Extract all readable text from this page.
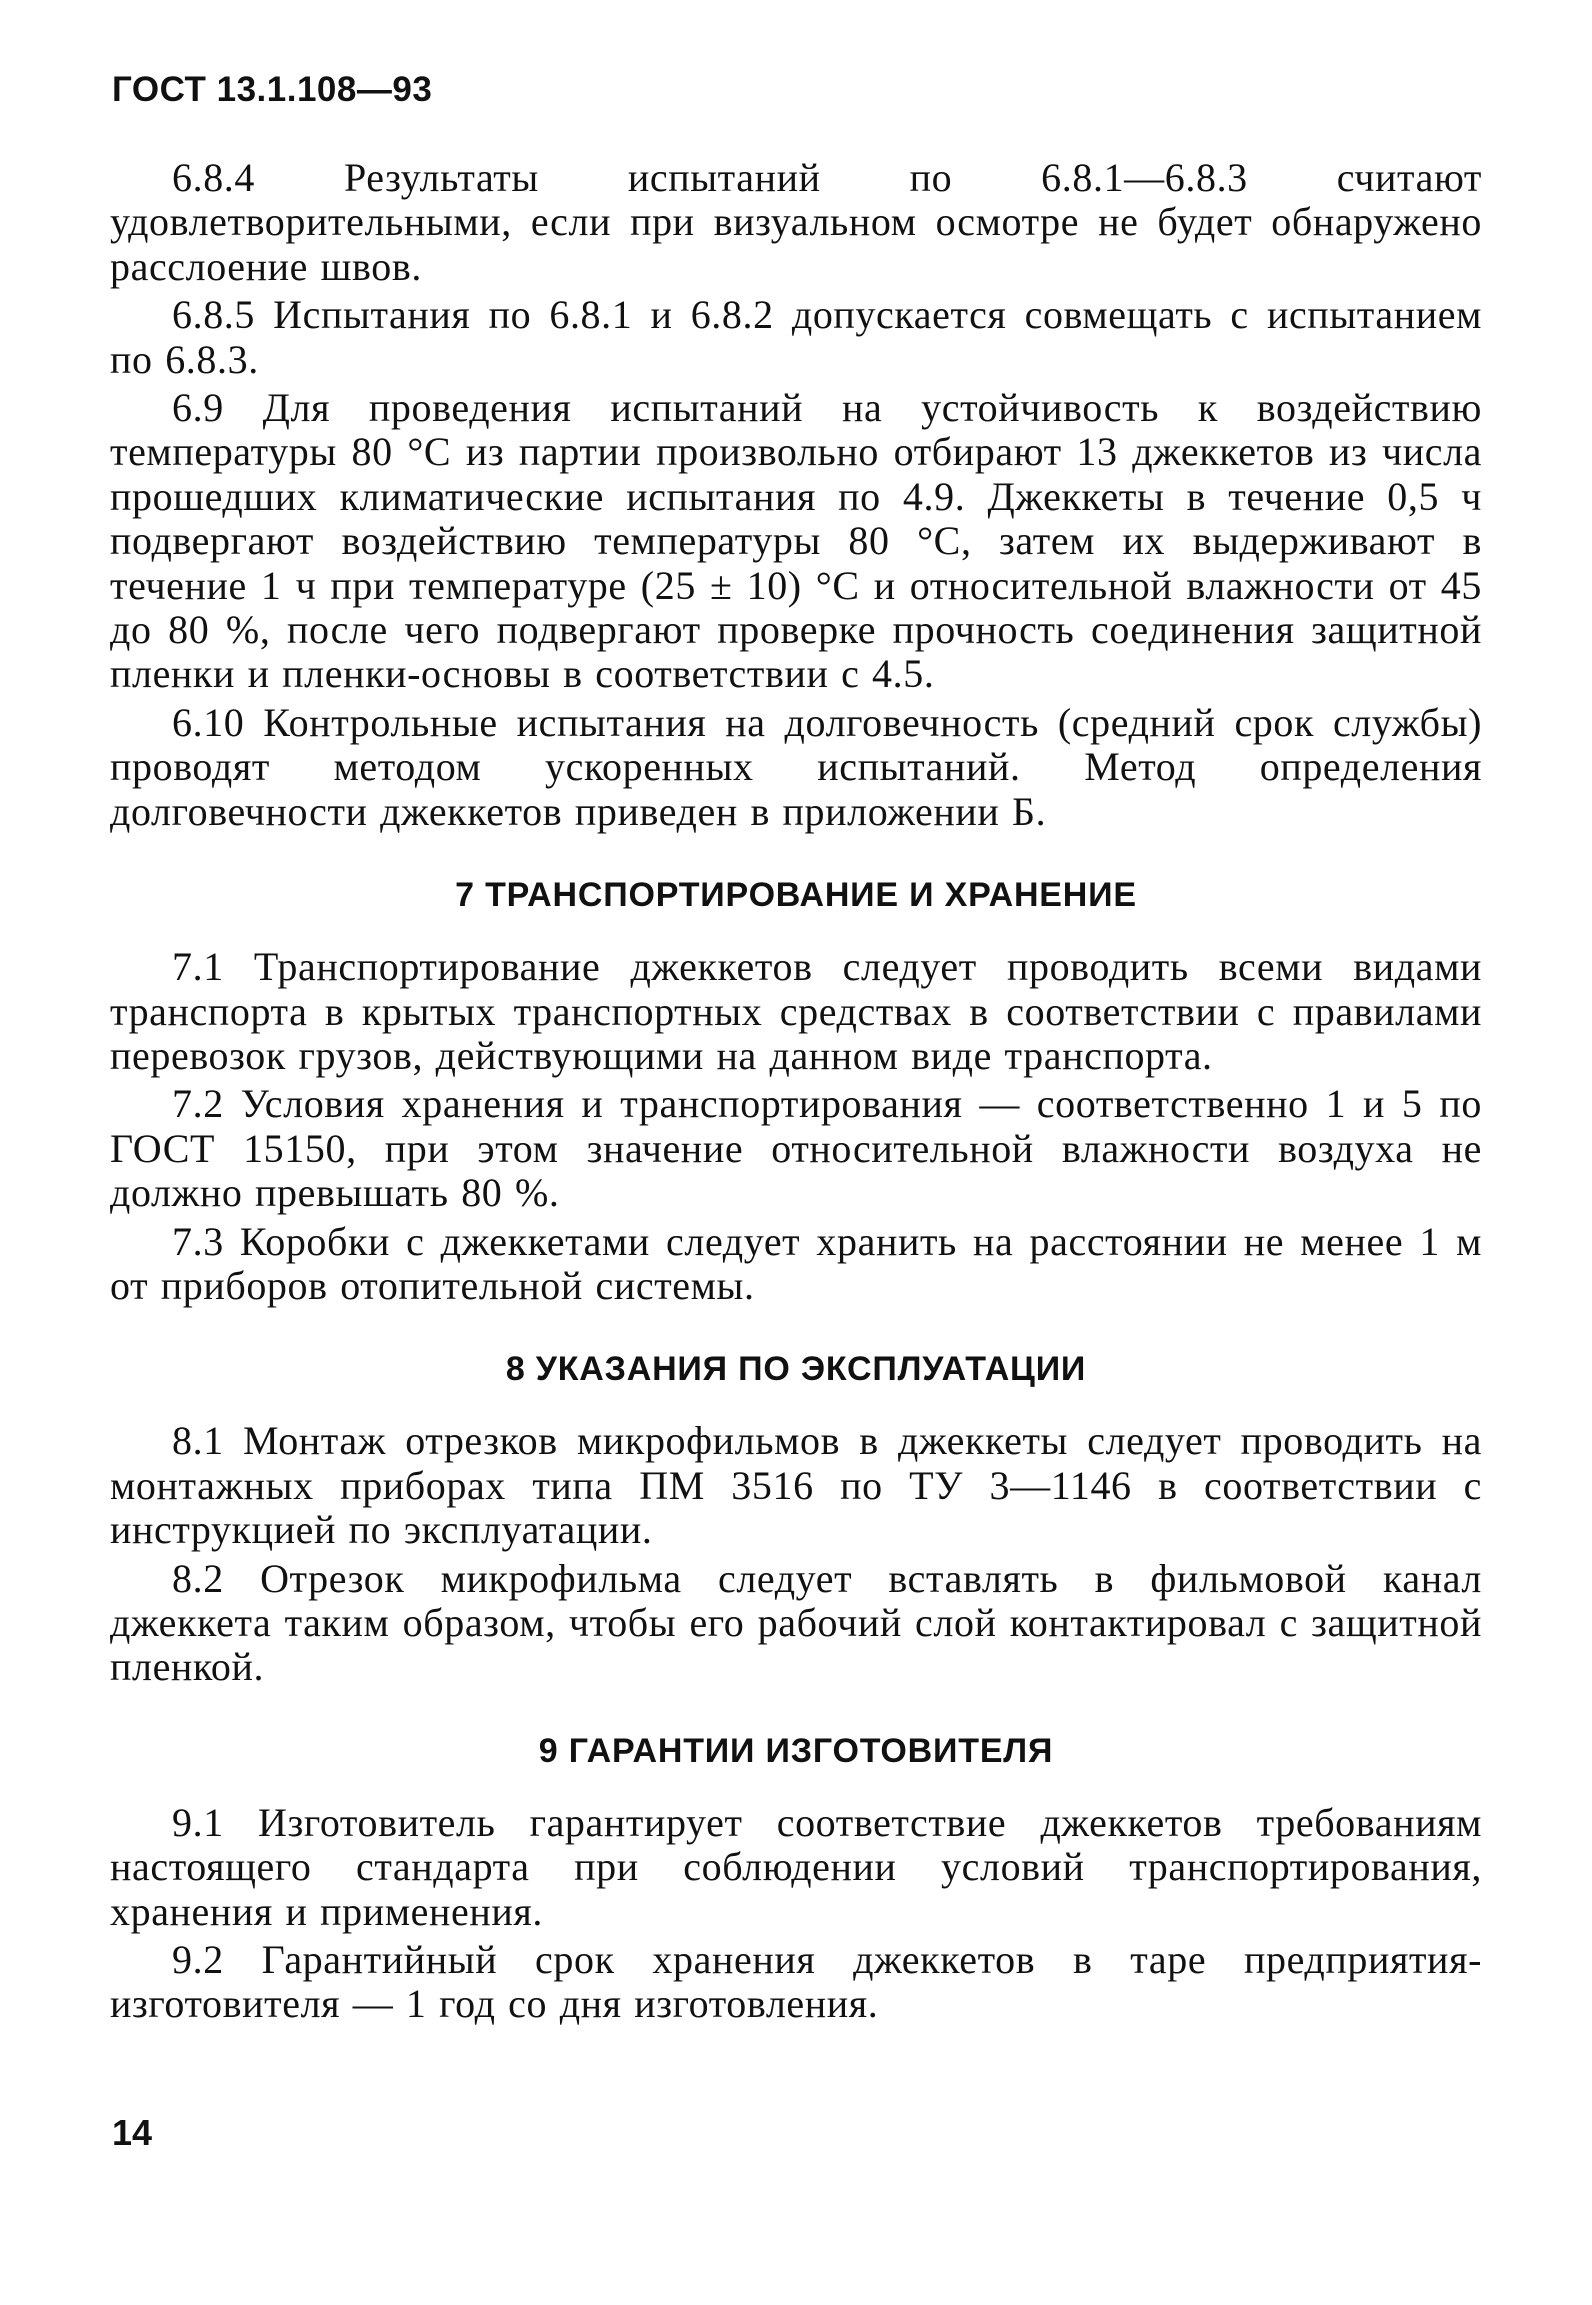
ГОСТ 13.1.108—93

6.8.4 Результаты испытаний по 6.8.1—6.8.3 считают удовлетворительными, если при визуальном осмотре не будет обнаружено расслоение швов.

6.8.5 Испытания по 6.8.1 и 6.8.2 допускается совмещать с испытанием по 6.8.3.

6.9 Для проведения испытаний на устойчивость к воздействию температуры 80 °С из партии произвольно отбирают 13 джеккетов из числа прошедших климатические испытания по 4.9. Джеккеты в течение 0,5 ч подвергают воздействию температуры 80 °С, затем их выдерживают в течение 1 ч при температуре (25 ± 10) °С и относительной влажности от 45 до 80 %, после чего подвергают проверке прочность соединения защитной пленки и пленки-основы в соответствии с 4.5.

6.10 Контрольные испытания на долговечность (средний срок службы) проводят методом ускоренных испытаний. Метод определения долговечности джеккетов приведен в приложении Б.

7 ТРАНСПОРТИРОВАНИЕ И ХРАНЕНИЕ

7.1 Транспортирование джеккетов следует проводить всеми видами транспорта в крытых транспортных средствах в соответствии с правилами перевозок грузов, действующими на данном виде транспорта.

7.2 Условия хранения и транспортирования — соответственно 1 и 5 по ГОСТ 15150, при этом значение относительной влажности воздуха не должно превышать 80 %.

7.3 Коробки с джеккетами следует хранить на расстоянии не менее 1 м от приборов отопительной системы.

8 УКАЗАНИЯ ПО ЭКСПЛУАТАЦИИ

8.1 Монтаж отрезков микрофильмов в джеккеты следует проводить на монтажных приборах типа ПМ 3516 по ТУ 3—1146 в соответствии с инструкцией по эксплуатации.

8.2 Отрезок микрофильма следует вставлять в фильмовой канал джеккета таким образом, чтобы его рабочий слой контактировал с защитной пленкой.

9 ГАРАНТИИ ИЗГОТОВИТЕЛЯ

9.1 Изготовитель гарантирует соответствие джеккетов требованиям настоящего стандарта при соблюдении условий транспортирования, хранения и применения.

9.2 Гарантийный срок хранения джеккетов в таре предприятия-изготовителя — 1 год со дня изготовления.

14
